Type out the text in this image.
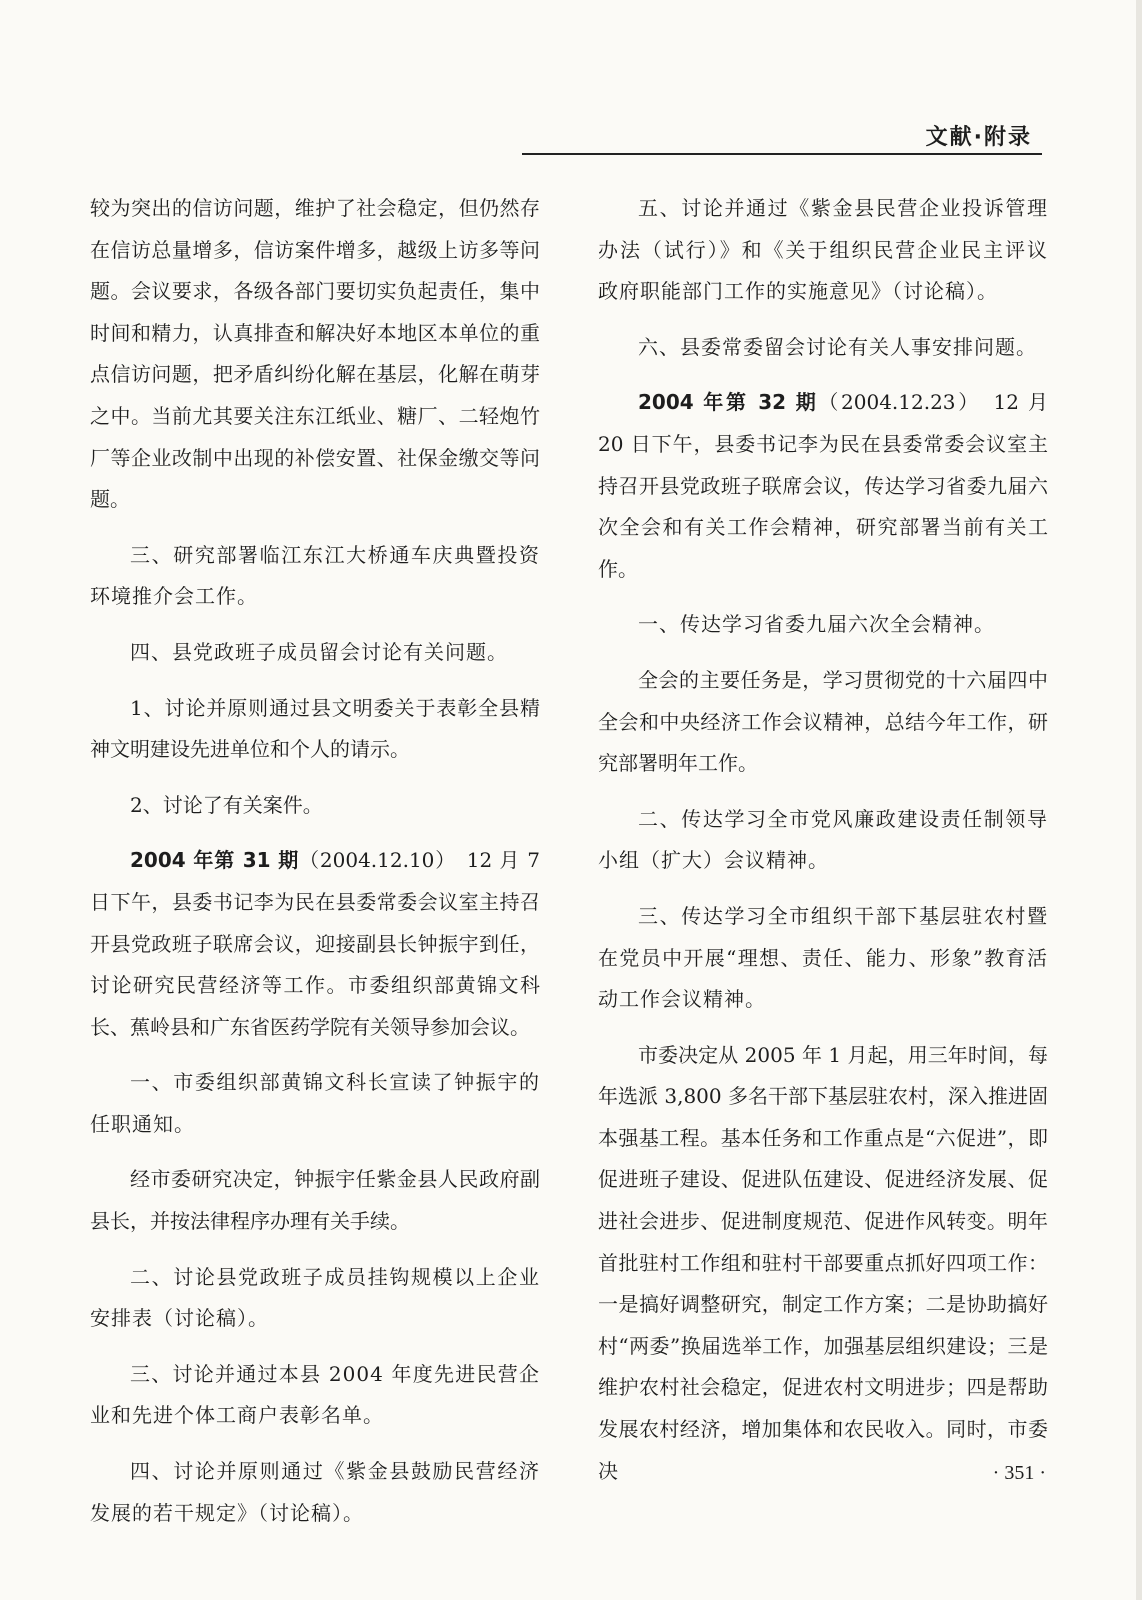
文献·附录

较为突出的信访问题，维护了社会稳定，但仍然存在信访总量增多，信访案件增多，越级上访多等问题。会议要求，各级各部门要切实负起责任，集中时间和精力，认真排查和解决好本地区本单位的重点信访问题，把矛盾纠纷化解在基层，化解在萌芽之中。当前尤其要关注东江纸业、糖厂、二轻炮竹厂等企业改制中出现的补偿安置、社保金缴交等问题。

三、研究部署临江东江大桥通车庆典暨投资环境推介会工作。

四、县党政班子成员留会讨论有关问题。

1、讨论并原则通过县文明委关于表彰全县精神文明建设先进单位和个人的请示。

2、讨论了有关案件。

2004 年第 31 期（2004.12.10）　12 月 7 日下午，县委书记李为民在县委常委会议室主持召开县党政班子联席会议，迎接副县长钟振宇到任，讨论研究民营经济等工作。市委组织部黄锦文科长、蕉岭县和广东省医药学院有关领导参加会议。

一、市委组织部黄锦文科长宣读了钟振宇的任职通知。

经市委研究决定，钟振宇任紫金县人民政府副县长，并按法律程序办理有关手续。

二、讨论县党政班子成员挂钩规模以上企业安排表（讨论稿）。

三、讨论并通过本县 2004 年度先进民营企业和先进个体工商户表彰名单。

四、讨论并原则通过《紫金县鼓励民营经济发展的若干规定》（讨论稿）。

五、讨论并通过《紫金县民营企业投诉管理办法（试行）》和《关于组织民营企业民主评议政府职能部门工作的实施意见》（讨论稿）。

六、县委常委留会讨论有关人事安排问题。

2004 年第 32 期（2004.12.23）　12 月 20 日下午，县委书记李为民在县委常委会议室主持召开县党政班子联席会议，传达学习省委九届六次全会和有关工作会精神，研究部署当前有关工作。

一、传达学习省委九届六次全会精神。

全会的主要任务是，学习贯彻党的十六届四中全会和中央经济工作会议精神，总结今年工作，研究部署明年工作。

二、传达学习全市党风廉政建设责任制领导小组（扩大）会议精神。

三、传达学习全市组织干部下基层驻农村暨在党员中开展“理想、责任、能力、形象”教育活动工作会议精神。

市委决定从 2005 年 1 月起，用三年时间，每年选派 3,800 多名干部下基层驻农村，深入推进固本强基工程。基本任务和工作重点是“六促进”，即促进班子建设、促进队伍建设、促进经济发展、促进社会进步、促进制度规范、促进作风转变。明年首批驻村工作组和驻村干部要重点抓好四项工作：一是搞好调整研究，制定工作方案；二是协助搞好村“两委”换届选举工作，加强基层组织建设；三是维护农村社会稳定，促进农村文明进步；四是帮助发展农村经济，增加集体和农民收入。同时，市委决	· 351 ·
